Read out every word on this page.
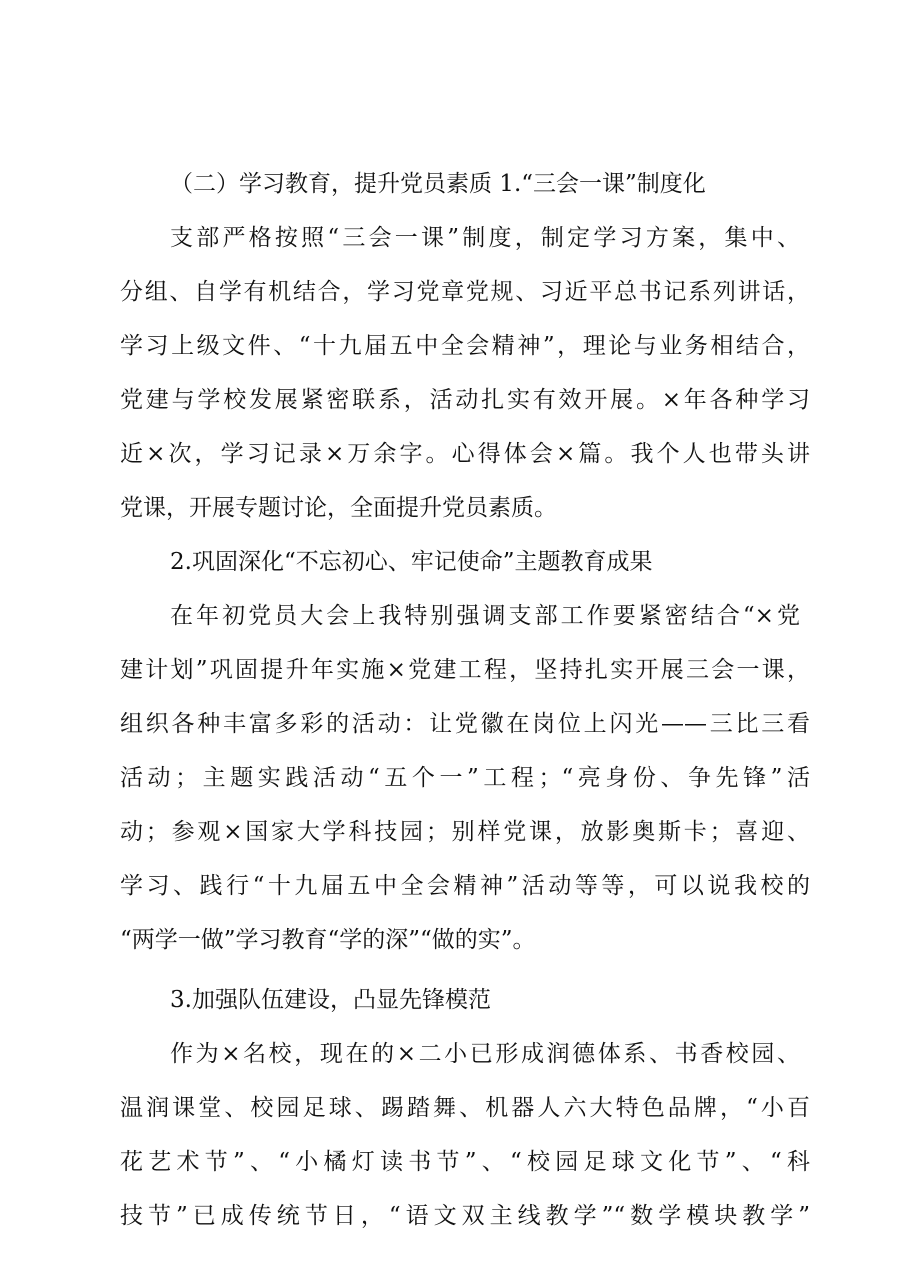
（二）学习教育，提升党员素质 1.“三会一课”制度化
支部严格按照“三会一课”制度，制定学习方案，集中、
分组、自学有机结合，学习党章党规、习近平总书记系列讲话，
学习上级文件、“十九届五中全会精神”，理论与业务相结合，
党建与学校发展紧密联系，活动扎实有效开展。×年各种学习
近×次，学习记录×万余字。心得体会×篇。我个人也带头讲
党课，开展专题讨论，全面提升党员素质。
2.巩固深化“不忘初心、牢记使命”主题教育成果
在年初党员大会上我特别强调支部工作要紧密结合“×党
建计划”巩固提升年实施×党建工程，坚持扎实开展三会一课，
组织各种丰富多彩的活动：让党徽在岗位上闪光——三比三看
活动；主题实践活动“五个一”工程；“亮身份、争先锋”活
动；参观×国家大学科技园；别样党课，放影奥斯卡；喜迎、
学习、践行“十九届五中全会精神”活动等等，可以说我校的
“两学一做”学习教育“学的深”“做的实”。
3.加强队伍建设，凸显先锋模范
作为×名校，现在的×二小已形成润德体系、书香校园、
温润课堂、校园足球、踢踏舞、机器人六大特色品牌，“小百
花艺术节”、“小橘灯读书节”、“校园足球文化节”、“科
技节”已成传统节日，“语文双主线教学”“数学模块教学”
